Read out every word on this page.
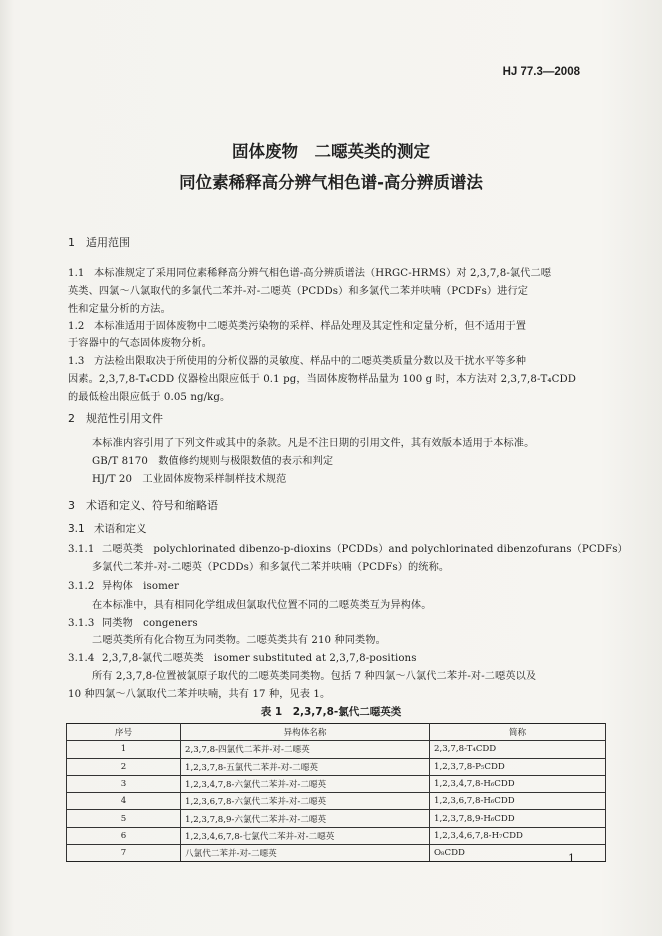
HJ 77.3—2008
固体废物　二噁英类的测定
同位素稀释高分辨气相色谱-高分辨质谱法
1　适用范围
1.1 本标准规定了采用同位素稀释高分辨气相色谱-高分辨质谱法（HRGC-HRMS）对 2,3,7,8-氯代二噁
英类、四氯～八氯取代的多氯代二苯并-对-二噁英（PCDDs）和多氯代二苯并呋喃（PCDFs）进行定
性和定量分析的方法。
1.2 本标准适用于固体废物中二噁英类污染物的采样、样品处理及其定性和定量分析，但不适用于置
于容器中的气态固体废物分析。
1.3 方法检出限取决于所使用的分析仪器的灵敏度、样品中的二噁英类质量分数以及干扰水平等多种
因素。2,3,7,8-T₄CDD 仪器检出限应低于 0.1 pg，当固体废物样品量为 100 g 时，本方法对 2,3,7,8-T₄CDD
的最低检出限应低于 0.05 ng/kg。
2　规范性引用文件
本标准内容引用了下列文件或其中的条款。凡是不注日期的引用文件，其有效版本适用于本标准。
GB/T 8170　 数值修约规则与极限数值的表示和判定
HJ/T 20　 工业固体废物采样制样技术规范
3　术语和定义、符号和缩略语
3.1 术语和定义
3.1.1 二噁英类　polychlorinated dibenzo-p-dioxins（PCDDs）and polychlorinated dibenzofurans（PCDFs）
多氯代二苯并-对-二噁英（PCDDs）和多氯代二苯并呋喃（PCDFs）的统称。
3.1.2 异构体　isomer
在本标准中，具有相同化学组成但氯取代位置不同的二噁英类互为异构体。
3.1.3 同类物　congeners
二噁英类所有化合物互为同类物。二噁英类共有 210 种同类物。
3.1.4 2,3,7,8-氯代二噁英类　isomer substituted at 2,3,7,8-positions
所有 2,3,7,8-位置被氯原子取代的二噁英类同类物。包括 7 种四氯～八氯代二苯并-对-二噁英以及
10 种四氯～八氯取代二苯并呋喃，共有 17 种，见表 1。
表 1　2,3,7,8-氯代二噁英类
序号	异构体名称	简称
1	2,3,7,8-四氯代二苯并-对-二噁英	2,3,7,8-T₄CDD
2	1,2,3,7,8-五氯代二苯并-对-二噁英	1,2,3,7,8-P₅CDD
3	1,2,3,4,7,8-六氯代二苯并-对-二噁英	1,2,3,4,7,8-H₆CDD
4	1,2,3,6,7,8-六氯代二苯并-对-二噁英	1,2,3,6,7,8-H₆CDD
5	1,2,3,7,8,9-六氯代二苯并-对-二噁英	1,2,3,7,8,9-H₆CDD
6	1,2,3,4,6,7,8-七氯代二苯并-对-二噁英	1,2,3,4,6,7,8-H₇CDD
7	八氯代二苯并-对-二噁英	O₈CDD	1
